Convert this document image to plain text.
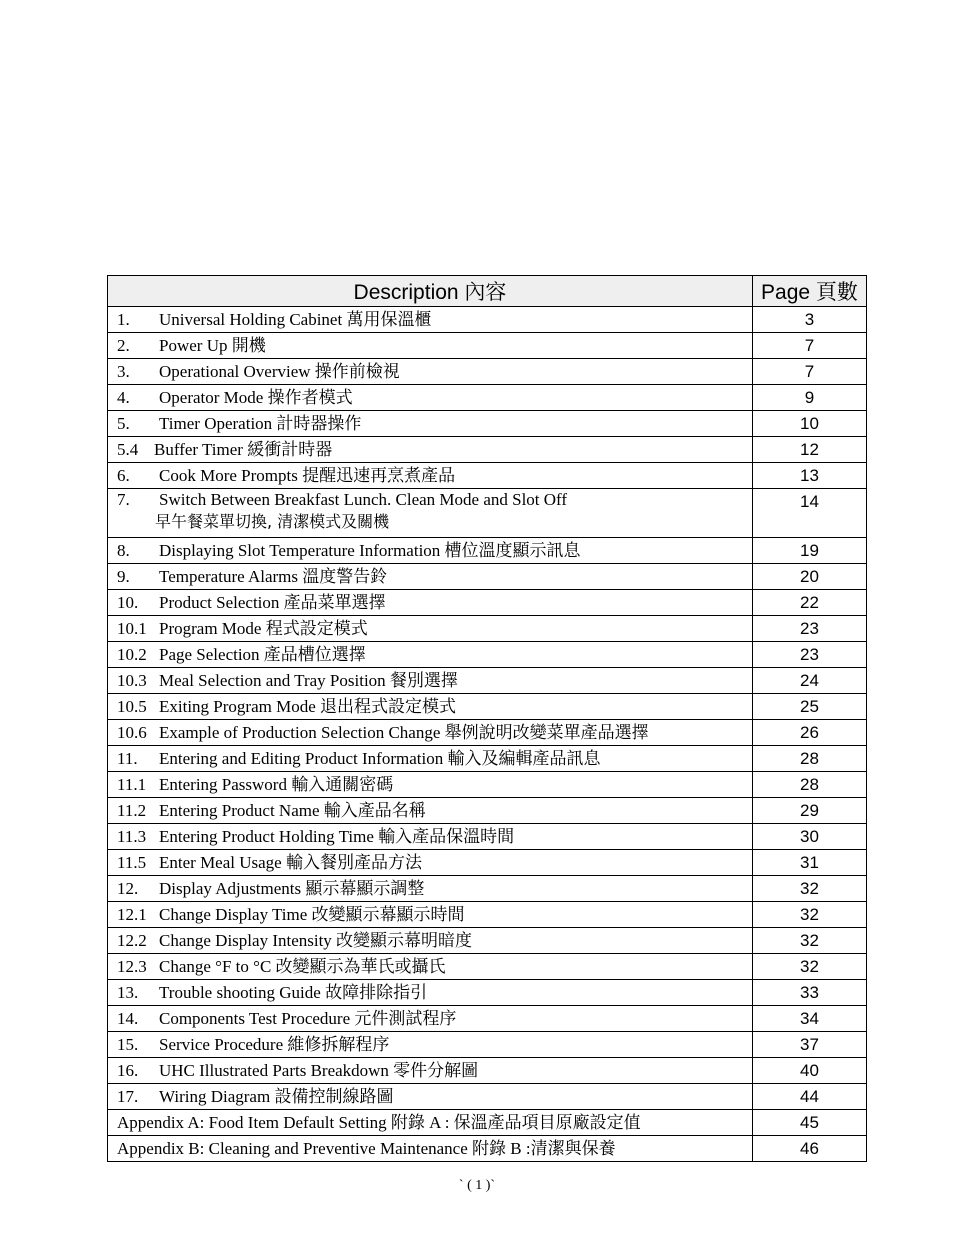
Description 內容	Page 頁數
1. Universal Holding Cabinet 萬用保溫櫃	3
2. Power Up 開機	7
3. Operational Overview 操作前檢視	7
4. Operator Mode 操作者模式	9
5. Timer Operation 計時器操作	10
5.4 Buffer Timer 緩衝計時器	12
6. Cook More Prompts 提醒迅速再烹煮產品	13
7. Switch Between Breakfast Lunch. Clean Mode and Slot Off
早午餐菜單切換, 清潔模式及關機	14
8. Displaying Slot Temperature Information 槽位溫度顯示訊息	19
9. Temperature Alarms 溫度警告鈴	20
10. Product Selection 產品菜單選擇	22
10.1 Program Mode 程式設定模式	23
10.2 Page Selection 產品槽位選擇	23
10.3 Meal Selection and Tray Position 餐別選擇	24
10.5 Exiting Program Mode 退出程式設定模式	25
10.6 Example of Production Selection Change 舉例說明改變菜單產品選擇	26
11. Entering and Editing Product Information 輸入及編輯產品訊息	28
11.1 Entering Password 輸入通關密碼	28
11.2 Entering Product Name 輸入產品名稱	29
11.3 Entering Product Holding Time 輸入產品保溫時間	30
11.5 Enter Meal Usage 輸入餐別產品方法	31
12. Display Adjustments 顯示幕顯示調整	32
12.1 Change Display Time 改變顯示幕顯示時間	32
12.2 Change Display Intensity 改變顯示幕明暗度	32
12.3 Change °F to °C 改變顯示為華氏或攝氏	32
13. Trouble shooting Guide 故障排除指引	33
14. Components Test Procedure 元件測試程序	34
15. Service Procedure 維修拆解程序	37
16. UHC Illustrated Parts Breakdown 零件分解圖	40
17. Wiring Diagram 設備控制線路圖	44
Appendix A: Food Item Default Setting 附錄 A : 保溫產品項目原廠設定值	45
Appendix B: Cleaning and Preventive Maintenance 附錄 B :清潔與保養	46
` ( 1 )`
